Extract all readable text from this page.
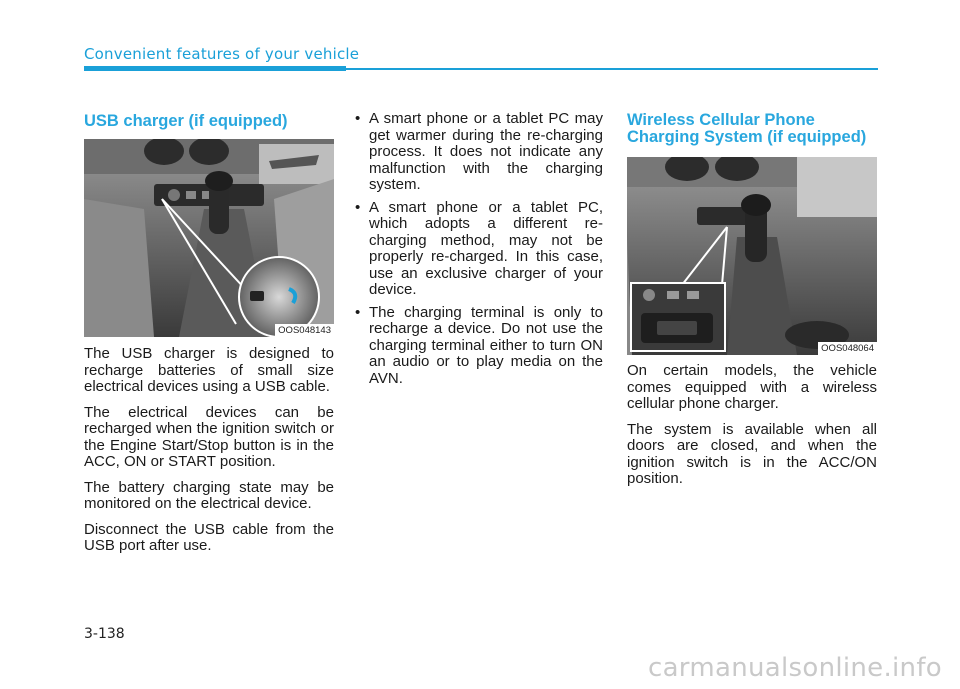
Convenient features of your vehicle
USB charger (if equipped)
OOS048143

The USB charger is designed to recharge batteries of small size electrical devices using a USB cable.

The electrical devices can be recharged when the ignition switch or the Engine Start/Stop button is in the ACC, ON or START position.

The battery charging state may be monitored on the electrical device.

Disconnect the USB cable from the USB port after use.

• A smart phone or a tablet PC may get warmer during the re-charging process. It does not indicate any malfunction with the charging system.
• A smart phone or a tablet PC, which adopts a different re-charging method, may not be properly re-charged. In this case, use an exclusive charger of your device.
• The charging terminal is only to recharge a device. Do not use the charging terminal either to turn ON an audio or to play media on the AVN.
Wireless Cellular Phone
Charging System (if equipped)
OOS048064

On certain models, the vehicle comes equipped with a wireless cellular phone charger.

The system is available when all doors are closed, and when the ignition switch is in the ACC/ON position.

3-138
carmanualsonline.info
